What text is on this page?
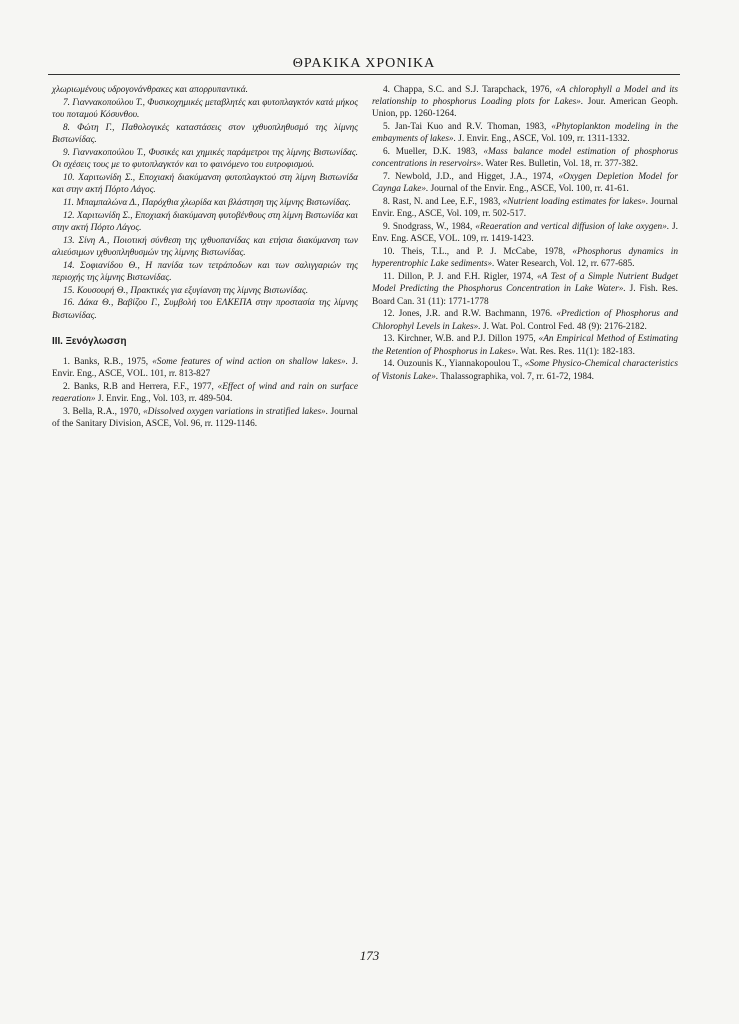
ΘΡΑΚΙΚΑ ΧΡΟΝΙΚΑ
χλωριωμένους υδρογονάνθρακες και απορρυπαντικά.
7. Γιαννακοπούλου Τ., Φυσικοχημικές μεταβλητές και φυτοπλαγκτόν κατά μήκος του ποταμού Κόσυνθου.
8. Φώτη Γ., Παθολογικές καταστάσεις στον ιχθυοπληθυσμό της λίμνης Βιστωνίδας.
9. Γιαννακοπούλου Τ., Φυσικές και χημικές παράμετροι της λίμνης Βιστωνίδας. Οι σχέσεις τους με το φυτοπλαγκτόν και το φαινόμενο του ευτροφισμού.
10. Χαριτωνίδη Σ., Εποχιακή διακύμανση φυτοπλαγκτού στη λίμνη Βιστωνίδα και στην ακτή Πόρτο Λάγος.
11. Μπαμπαλώνα Δ., Παρόχθια χλωρίδα και βλάστηση της λίμνης Βιστωνίδας.
12. Χαριτωνίδη Σ., Εποχιακή διακύμανση φυτοβένθους στη λίμνη Βιστωνίδα και στην ακτή Πόρτο Λάγος.
13. Σίνη Α., Ποιοτική σύνθεση της ιχθυοπανίδας και ετήσια διακύμανση των αλιεύσιμων ιχθυοπληθυσμών της λίμνης Βιστωνίδας.
14. Σοφιανίδου Θ., Η πανίδα των τετράποδων και των σαλιγγαριών της περιοχής της λίμνης Βιστωνίδας.
15. Κουσουρή Θ., Πρακτικές για εξυγίανση της λίμνης Βιστωνίδας.
16. Δάκα Θ., Βαβίζου Γ., Συμβολή του ΕΛΚΕΠΑ στην προστασία της λίμνης Βιστωνίδας.
ΙΙΙ. Ξενόγλωσση
1. Banks, R.B., 1975, «Some features of wind action on shallow lakes». J. Envir. Eng., ASCE, VOL. 101, rr. 813-827
2. Banks, R.B and Herrera, F.F., 1977, «Effect of wind and rain on surface reaeration» J. Envir. Eng., Vol. 103, rr. 489-504.
3. Bella, R.A., 1970, «Dissolved oxygen variations in stratified lakes». Journal of the Sanitary Division, ASCE, Vol. 96, rr. 1129-1146.
4. Chappa, S.C. and S.J. Tarapchack, 1976, «A chlorophyll a Model and its relationship to phosphorus Loading plots for Lakes». Jour. American Geoph. Union, pp. 1260-1264.
5. Jan-Tai Kuo and R.V. Thoman, 1983, «Phytoplankton modeling in the embayments of lakes». J. Envir. Eng., ASCE, Vol. 109, rr. 1311-1332.
6. Mueller, D.K. 1983, «Mass balance model estimation of phosphorus concentrations in reservoirs». Water Res. Bulletin, Vol. 18, rr. 377-382.
7. Newbold, J.D., and Higget, J.A., 1974, «Oxygen Depletion Model for Caynga Lake». Journal of the Envir. Eng., ASCE, Vol. 100, rr. 41-61.
8. Rast, N. and Lee, E.F., 1983, «Nutrient loading estimates for lakes». Journal Envir. Eng., ASCE, Vol. 109, rr. 502-517.
9. Snodgrass, W., 1984, «Reaeration and vertical diffusion of lake oxygen». J. Env. Eng. ASCE, VOL. 109, rr. 1419-1423.
10. Theis, T.L., and P. J. McCabe, 1978, «Phosphorus dynamics in hyperentrophic Lake sediments». Water Research, Vol. 12, rr. 677-685.
11. Dillon, P. J. and F.H. Rigler, 1974, «A Test of a Simple Nutrient Budget Model Predicting the Phosphorus Concentration in Lake Water». J. Fish. Res. Board Can. 31 (11): 1771-1778
12. Jones, J.R. and R.W. Bachmann, 1976. «Prediction of Phosphorus and Chlorophyl Levels in Lakes». J. Wat. Pol. Control Fed. 48 (9): 2176-2182.
13. Kirchner, W.B. and P.J. Dillon 1975, «An Empirical Method of Estimating the Retention of Phosphorus in Lakes». Wat. Res. Res. 11(1): 182-183.
14. Ouzounis K., Yiannakopoulou T., «Some Physico-Chemical characteristics of Vistonis Lake». Thalassographika, vol. 7, rr. 61-72, 1984.
173
